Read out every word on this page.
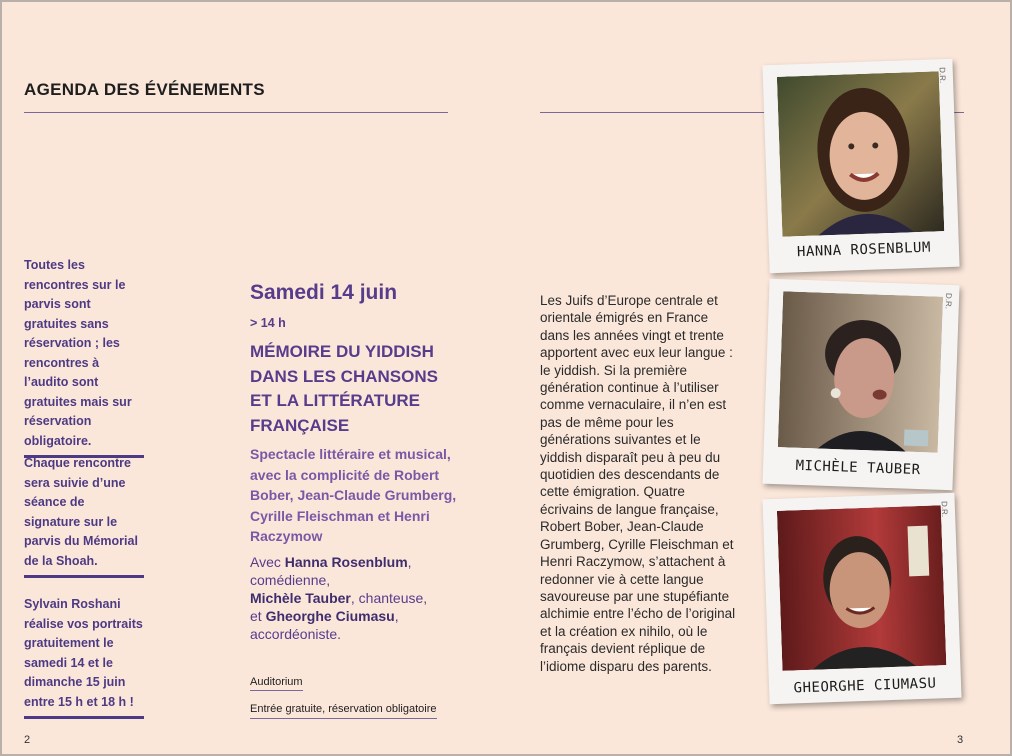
AGENDA DES ÉVÉNEMENTS
Toutes les rencontres sur le parvis sont gratuites sans réservation ; les rencontres à l’audito sont gratuites mais sur réservation obligatoire.
Chaque rencontre sera suivie d’une séance de signature sur le parvis du Mémorial de la Shoah.
Sylvain Roshani réalise vos portraits gratuitement le samedi 14 et le dimanche 15 juin entre 15 h et 18 h !
Samedi 14 juin
> 14 h
MÉMOIRE DU YIDDISH DANS LES CHANSONS ET LA LITTÉRATURE FRANÇAISE
Spectacle littéraire et musical, avec la complicité de Robert Bober, Jean-Claude Grumberg, Cyrille Fleischman et Henri Raczymow
Avec Hanna Rosenblum, comédienne,
Michèle Tauber, chanteuse,
et Gheorghe Ciumasu, accordéoniste.
Auditorium
Entrée gratuite, réservation obligatoire

Les Juifs d’Europe centrale et orientale émigrés en France dans les années vingt et trente apportent avec eux leur langue : le yiddish. Si la première génération continue à l’utiliser comme vernaculaire, il n’en est pas de même pour les générations suivantes et le yiddish disparaît peu à peu du quotidien des descendants de cette émigration. Quatre écrivains de langue française, Robert Bober, Jean-Claude Grumberg, Cyrille Fleischman et Henri Raczymow, s’attachent à redonner vie à cette langue savoureuse par une stupéfiante alchimie entre l’écho de l’original et la création ex nihilo, où le français devient réplique de l’idiome disparu des parents.

D.R.
HANNA ROSENBLUM
D.R.
MICHÈLE TAUBER
D.R.
GHEORGHE CIUMASU
2	3
